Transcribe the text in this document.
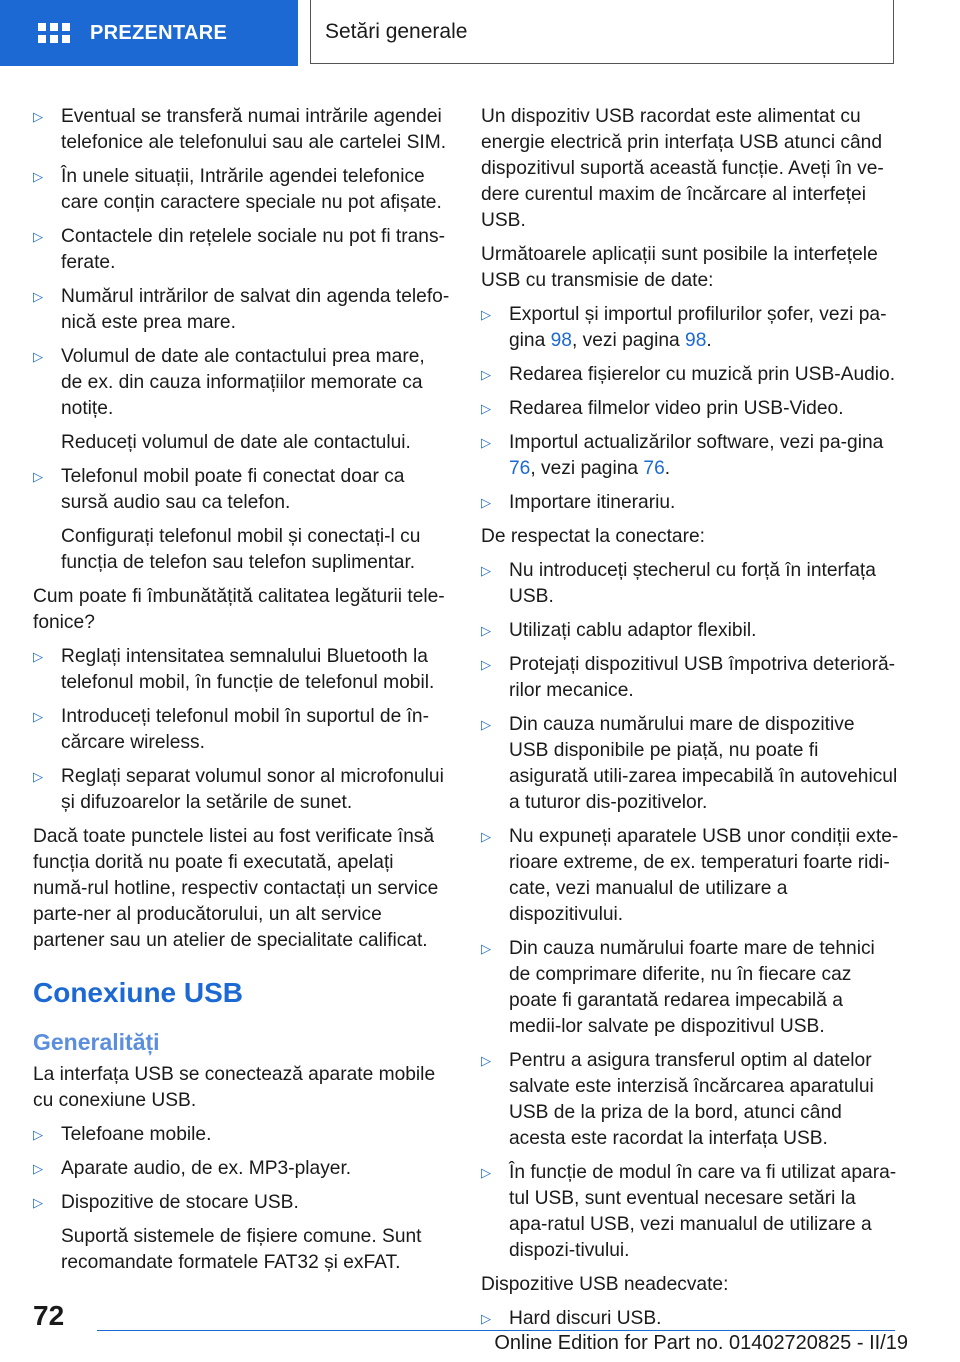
PREZENTARE	Setări generale
▷ Eventual se transferă numai intrările agendei telefonice ale telefonului sau ale cartelei SIM.
▷ În unele situații, Intrările agendei telefonice care conțin caractere speciale nu pot afișate.
▷ Contactele din rețelele sociale nu pot fi trans-ferate.
▷ Numărul intrărilor de salvat din agenda telefo-nică este prea mare.
▷ Volumul de date ale contactului prea mare, de ex. din cauza informațiilor memorate ca notițe.
Reduceți volumul de date ale contactului.
▷ Telefonul mobil poate fi conectat doar ca sursă audio sau ca telefon.
Configurați telefonul mobil și conectați-l cu funcția de telefon sau telefon suplimentar.

Cum poate fi îmbunătățită calitatea legăturii tele-fonice?

▷ Reglați intensitatea semnalului Bluetooth la telefonul mobil, în funcție de telefonul mobil.
▷ Introduceți telefonul mobil în suportul de în-cărcare wireless.
▷ Reglați separat volumul sonor al microfonului și difuzoarelor la setările de sunet.

Dacă toate punctele listei au fost verificate însă funcția dorită nu poate fi executată, apelați numă-rul hotline, respectiv contactați un service parte-ner al producătorului, un alt service partener sau un atelier de specialitate calificat.

Conexiune USB
Generalități

La interfața USB se conectează aparate mobile cu conexiune USB.

▷ Telefoane mobile.
▷ Aparate audio, de ex. MP3-player.
▷ Dispozitive de stocare USB.
Suportă sistemele de fișiere comune. Sunt recomandate formatele FAT32 și exFAT.

Un dispozitiv USB racordat este alimentat cu energie electrică prin interfața USB atunci când dispozitivul suportă această funcție. Aveți în ve-dere curentul maxim de încărcare al interfeței USB.

Următoarele aplicații sunt posibile la interfețele USB cu transmisie de date:

▷ Exportul și importul profilurilor șofer, vezi pa-gina 98, vezi pagina 98.
▷ Redarea fișierelor cu muzică prin USB-Audio.
▷ Redarea filmelor video prin USB-Video.
▷ Importul actualizărilor software, vezi pa-gina 76, vezi pagina 76.
▷ Importare itinerariu.

De respectat la conectare:

▷ Nu introduceți ștecherul cu forță în interfața USB.
▷ Utilizați cablu adaptor flexibil.
▷ Protejați dispozitivul USB împotriva deterioră-rilor mecanice.
▷ Din cauza numărului mare de dispozitive USB disponibile pe piață, nu poate fi asigurată utili-zarea impecabilă în autovehicul a tuturor dis-pozitivelor.
▷ Nu expuneți aparatele USB unor condiții exte-rioare extreme, de ex. temperaturi foarte ridi-cate, vezi manualul de utilizare a dispozitivului.
▷ Din cauza numărului foarte mare de tehnici de comprimare diferite, nu în fiecare caz poate fi garantată redarea impecabilă a medii-lor salvate pe dispozitivul USB.
▷ Pentru a asigura transferul optim al datelor salvate este interzisă încărcarea aparatului USB de la priza de la bord, atunci când acesta este racordat la interfața USB.
▷ În funcție de modul în care va fi utilizat apara-tul USB, sunt eventual necesare setări la apa-ratul USB, vezi manualul de utilizare a dispozi-tivului.

Dispozitive USB neadecvate:

▷ Hard discuri USB.
72
Online Edition for Part no. 01402720825 - II/19
